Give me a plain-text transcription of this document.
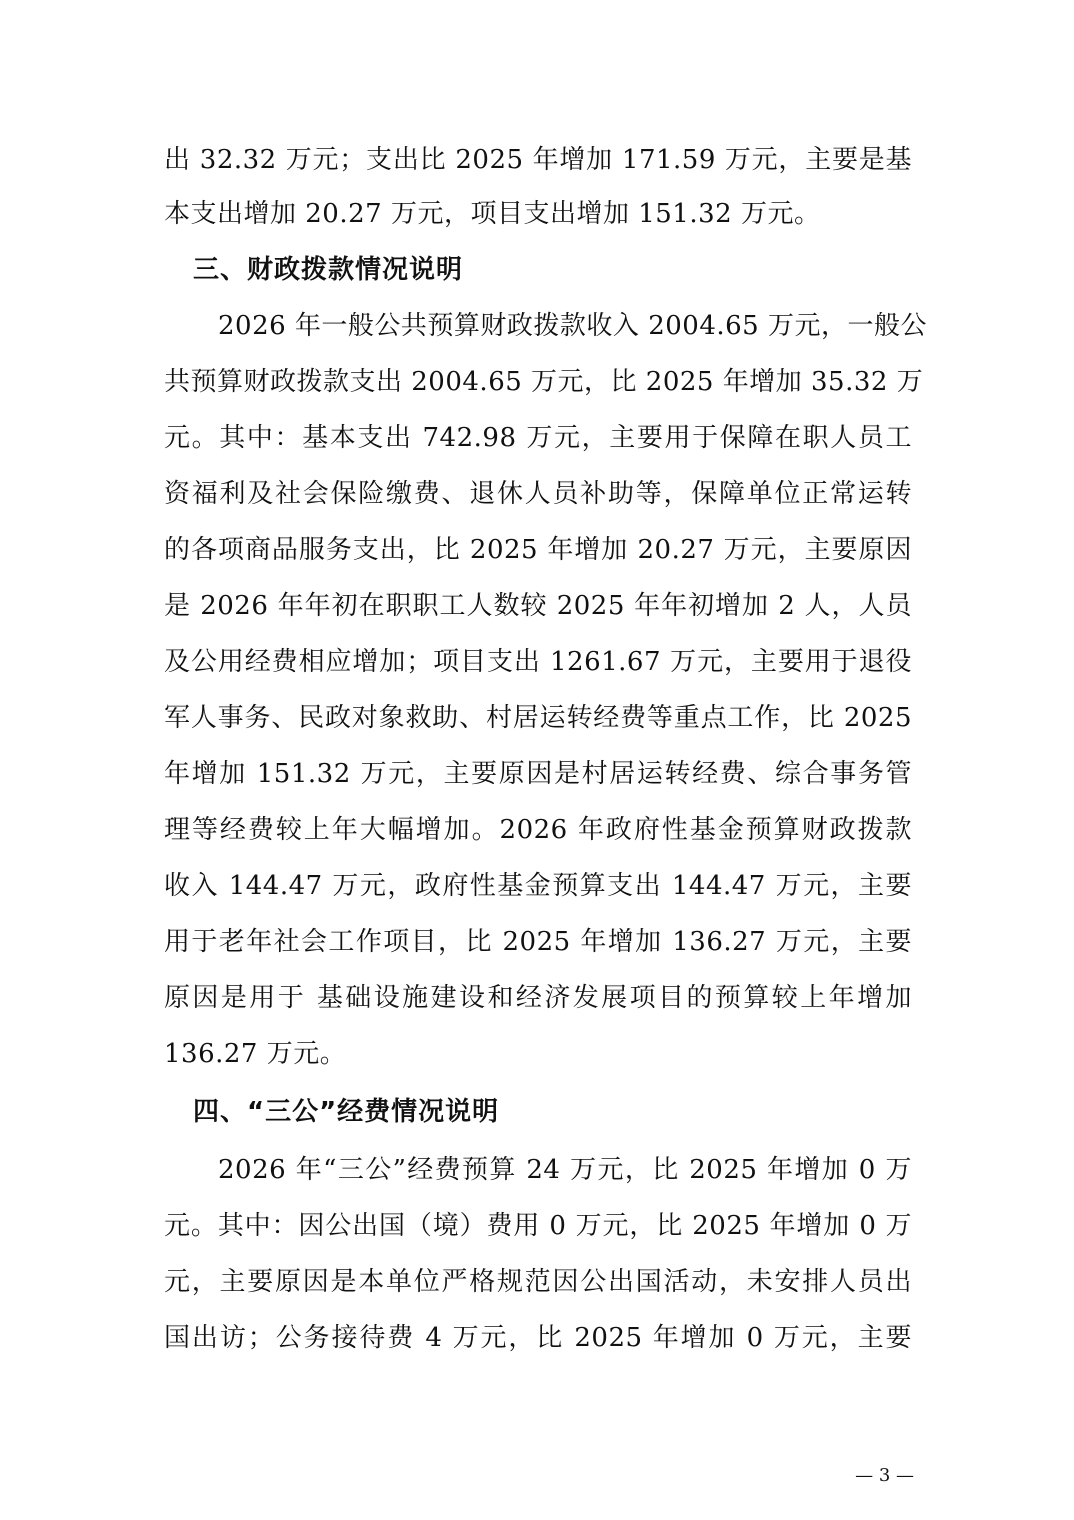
出 32.32 万元；支出比 2025 年增加 171.59 万元，主要是基
本支出增加 20.27 万元，项目支出增加 151.32 万元。
三、财政拨款情况说明
2026 年一般公共预算财政拨款收入 2004.65 万元，一般公
共预算财政拨款支出 2004.65 万元，比 2025 年增加 35.32 万
元。其中：基本支出 742.98 万元，主要用于保障在职人员工
资福利及社会保险缴费、退休人员补助等，保障单位正常运转
的各项商品服务支出，比 2025 年增加 20.27 万元，主要原因
是 2026 年年初在职职工人数较 2025 年年初增加 2 人，人员
及公用经费相应增加；项目支出 1261.67 万元，主要用于退役
军人事务、民政对象救助、村居运转经费等重点工作，比 2025
年增加 151.32 万元，主要原因是村居运转经费、综合事务管
理等经费较上年大幅增加。2026 年政府性基金预算财政拨款
收入 144.47 万元，政府性基金预算支出 144.47 万元，主要
用于老年社会工作项目，比 2025 年增加 136.27 万元，主要
原因是用于 基础设施建设和经济发展项目的预算较上年增加
136.27 万元。
四、“三公”经费情况说明
2026 年“三公”经费预算 24 万元，比 2025 年增加 0 万
元。其中：因公出国（境）费用 0 万元，比 2025 年增加 0 万
元，主要原因是本单位严格规范因公出国活动，未安排人员出
国出访；公务接待费 4 万元，比 2025 年增加 0 万元，主要
— 3 —
